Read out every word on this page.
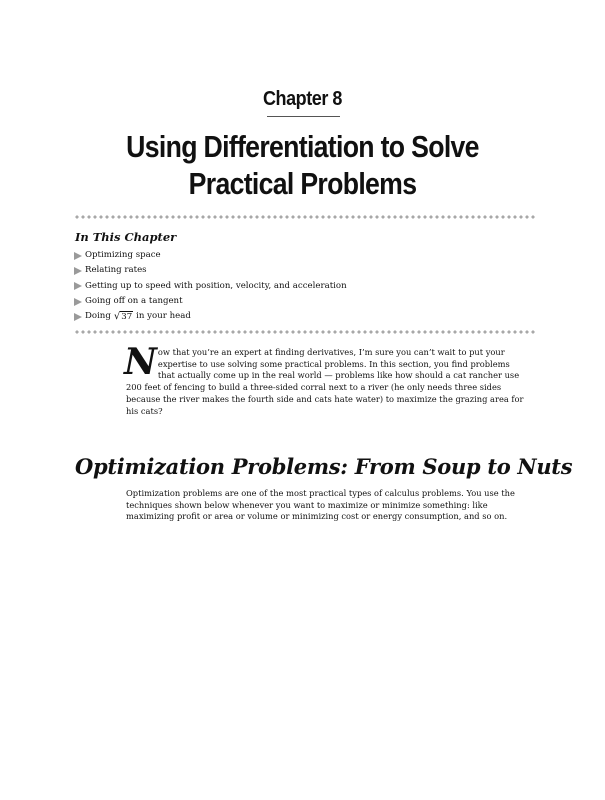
Chapter 8
Using Differentiation to Solve
Practical Problems
In This Chapter
Optimizing space
Relating rates
Getting up to speed with position, velocity, and acceleration
Going off on a tangent
Doing √ 37 in your head
Now that you’re an expert at finding derivatives, I’m sure you can’t wait to put your expertise to use solving some practical problems. In this section, you find problems that actually come up in the real world — problems like how should a cat rancher use 200 feet of fencing to build a three-sided corral next to a river (he only needs three sides because the river makes the fourth side and cats hate water) to maximize the grazing area for his cats?
Optimization Problems: From Soup to Nuts
Optimization problems are one of the most practical types of calculus problems. You use the techniques shown below whenever you want to maximize or minimize something: like maximizing profit or area or volume or minimizing cost or energy consumption, and so on.
